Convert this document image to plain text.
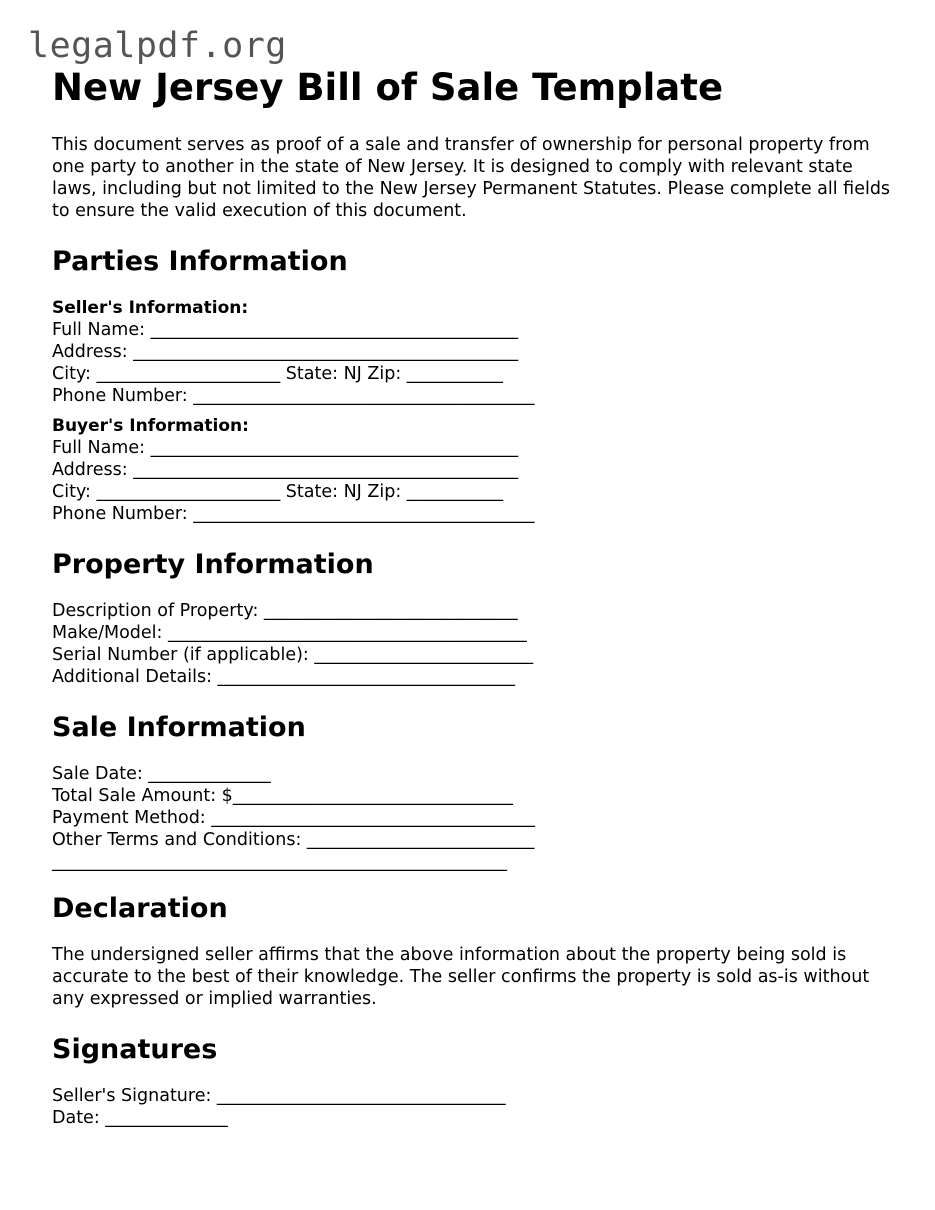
legalpdf.org
New Jersey Bill of Sale Template

This document serves as proof of a sale and transfer of ownership for personal property from one party to another in the state of New Jersey. It is designed to comply with relevant state laws, including but not limited to the New Jersey Permanent Statutes. Please complete all fields to ensure the valid execution of this document.

Parties Information
Seller's Information:
Full Name: __________________________________________
Address: ____________________________________________
City: _____________________ State: NJ Zip: ___________
Phone Number: _______________________________________
Buyer's Information:
Full Name: __________________________________________
Address: ____________________________________________
City: _____________________ State: NJ Zip: ___________
Phone Number: _______________________________________
Property Information
Description of Property: _____________________________
Make/Model: _________________________________________
Serial Number (if applicable): _________________________
Additional Details: __________________________________
Sale Information
Sale Date: ______________
Total Sale Amount: $________________________________
Payment Method: _____________________________________
Other Terms and Conditions: __________________________
____________________________________________________
Declaration
The undersigned seller affirms that the above information about the property being sold is accurate to the best of their knowledge. The seller confirms the property is sold as-is without any expressed or implied warranties.
Signatures
Seller's Signature: _________________________________
Date: ______________
